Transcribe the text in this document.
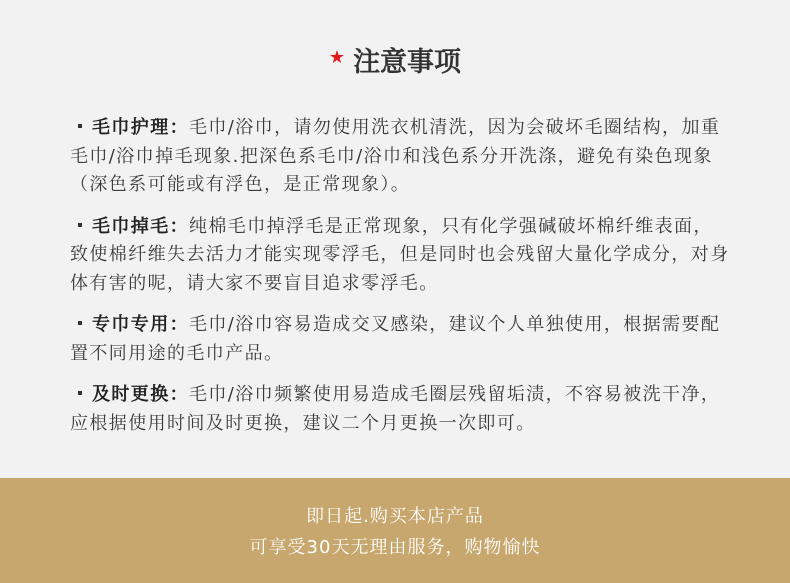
★ 注意事项
毛巾护理：毛巾/浴巾，请勿使用洗衣机清洗，因为会破坏毛圈结构，加重毛巾/浴巾掉毛现象.把深色系毛巾/浴巾和浅色系分开洗涤，避免有染色现象（深色系可能或有浮色，是正常现象）。
毛巾掉毛：纯棉毛巾掉浮毛是正常现象，只有化学强碱破坏棉纤维表面，致使棉纤维失去活力才能实现零浮毛，但是同时也会残留大量化学成分，对身体有害的呢，请大家不要盲目追求零浮毛。
专巾专用：毛巾/浴巾容易造成交叉感染，建议个人单独使用，根据需要配置不同用途的毛巾产品。
及时更换：毛巾/浴巾频繁使用易造成毛圈层残留垢渍，不容易被洗干净，应根据使用时间及时更换，建议二个月更换一次即可。
即日起.购买本店产品
可享受30天无理由服务，购物愉快
